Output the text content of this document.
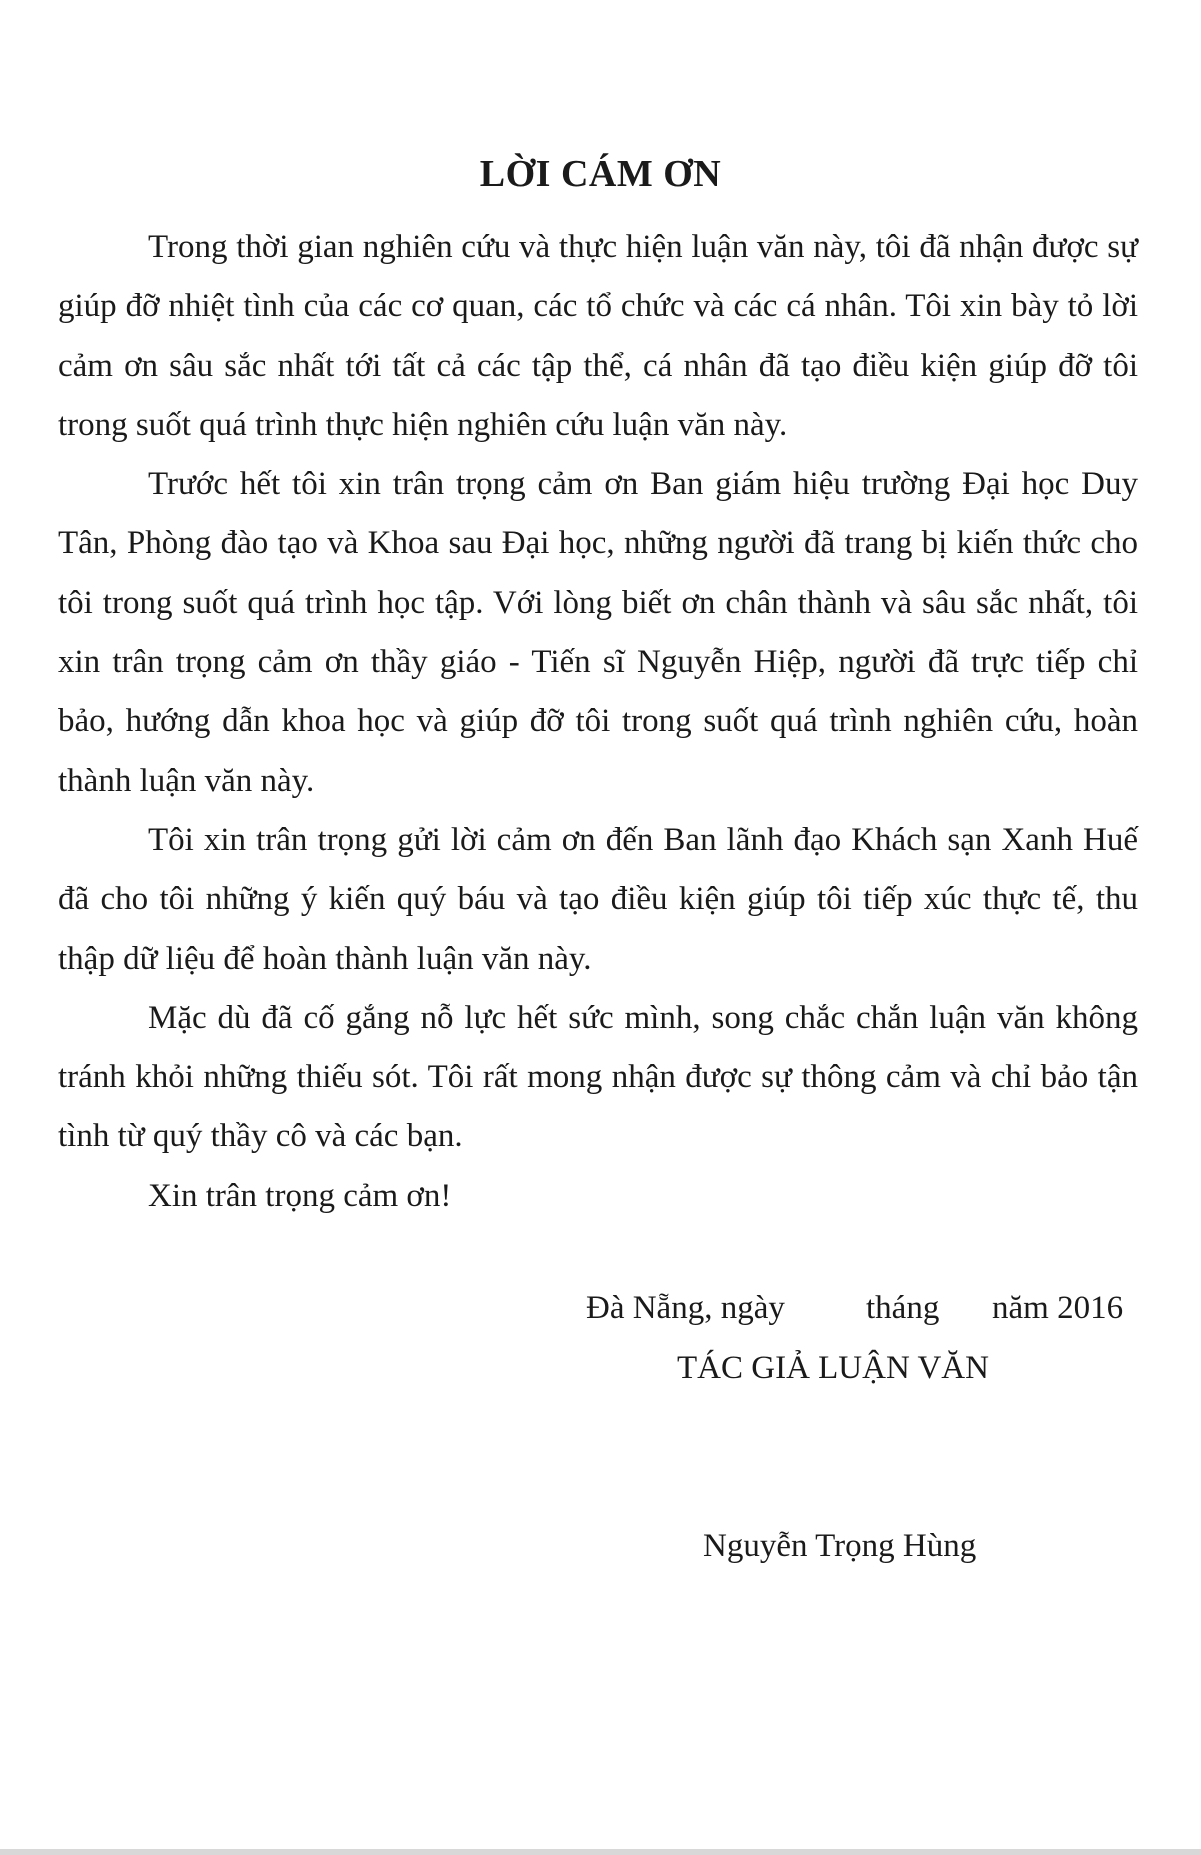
LỜI CÁM ƠN

Trong thời gian nghiên cứu và thực hiện luận văn này, tôi đã nhận được sự giúp đỡ nhiệt tình của các cơ quan, các tổ chức và các cá nhân. Tôi xin bày tỏ lời cảm ơn sâu sắc nhất tới tất cả các tập thể, cá nhân đã tạo điều kiện giúp đỡ tôi trong suốt quá trình thực hiện nghiên cứu luận văn này.

Trước hết tôi xin trân trọng cảm ơn Ban giám hiệu trường Đại học Duy Tân, Phòng đào tạo và Khoa sau Đại học, những người đã trang bị kiến thức cho tôi trong suốt quá trình học tập. Với lòng biết ơn chân thành và sâu sắc nhất, tôi xin trân trọng cảm ơn thầy giáo - Tiến sĩ Nguyễn Hiệp, người đã trực tiếp chỉ bảo, hướng dẫn khoa học và giúp đỡ tôi trong suốt quá trình nghiên cứu, hoàn thành luận văn này.

Tôi xin trân trọng gửi lời cảm ơn đến Ban lãnh đạo Khách sạn Xanh Huế đã cho tôi những ý kiến quý báu và tạo điều kiện giúp tôi tiếp xúc thực tế, thu thập dữ liệu để hoàn thành luận văn này.

Mặc dù đã cố gắng nỗ lực hết sức mình, song chắc chắn luận văn không tránh khỏi những thiếu sót. Tôi rất mong nhận được sự thông cảm và chỉ bảo tận tình từ quý thầy cô và các bạn.

Xin trân trọng cảm ơn!

Đà Nẵng, ngày tháng năm 2016
TÁC GIẢ LUẬN VĂN
Nguyễn Trọng Hùng
